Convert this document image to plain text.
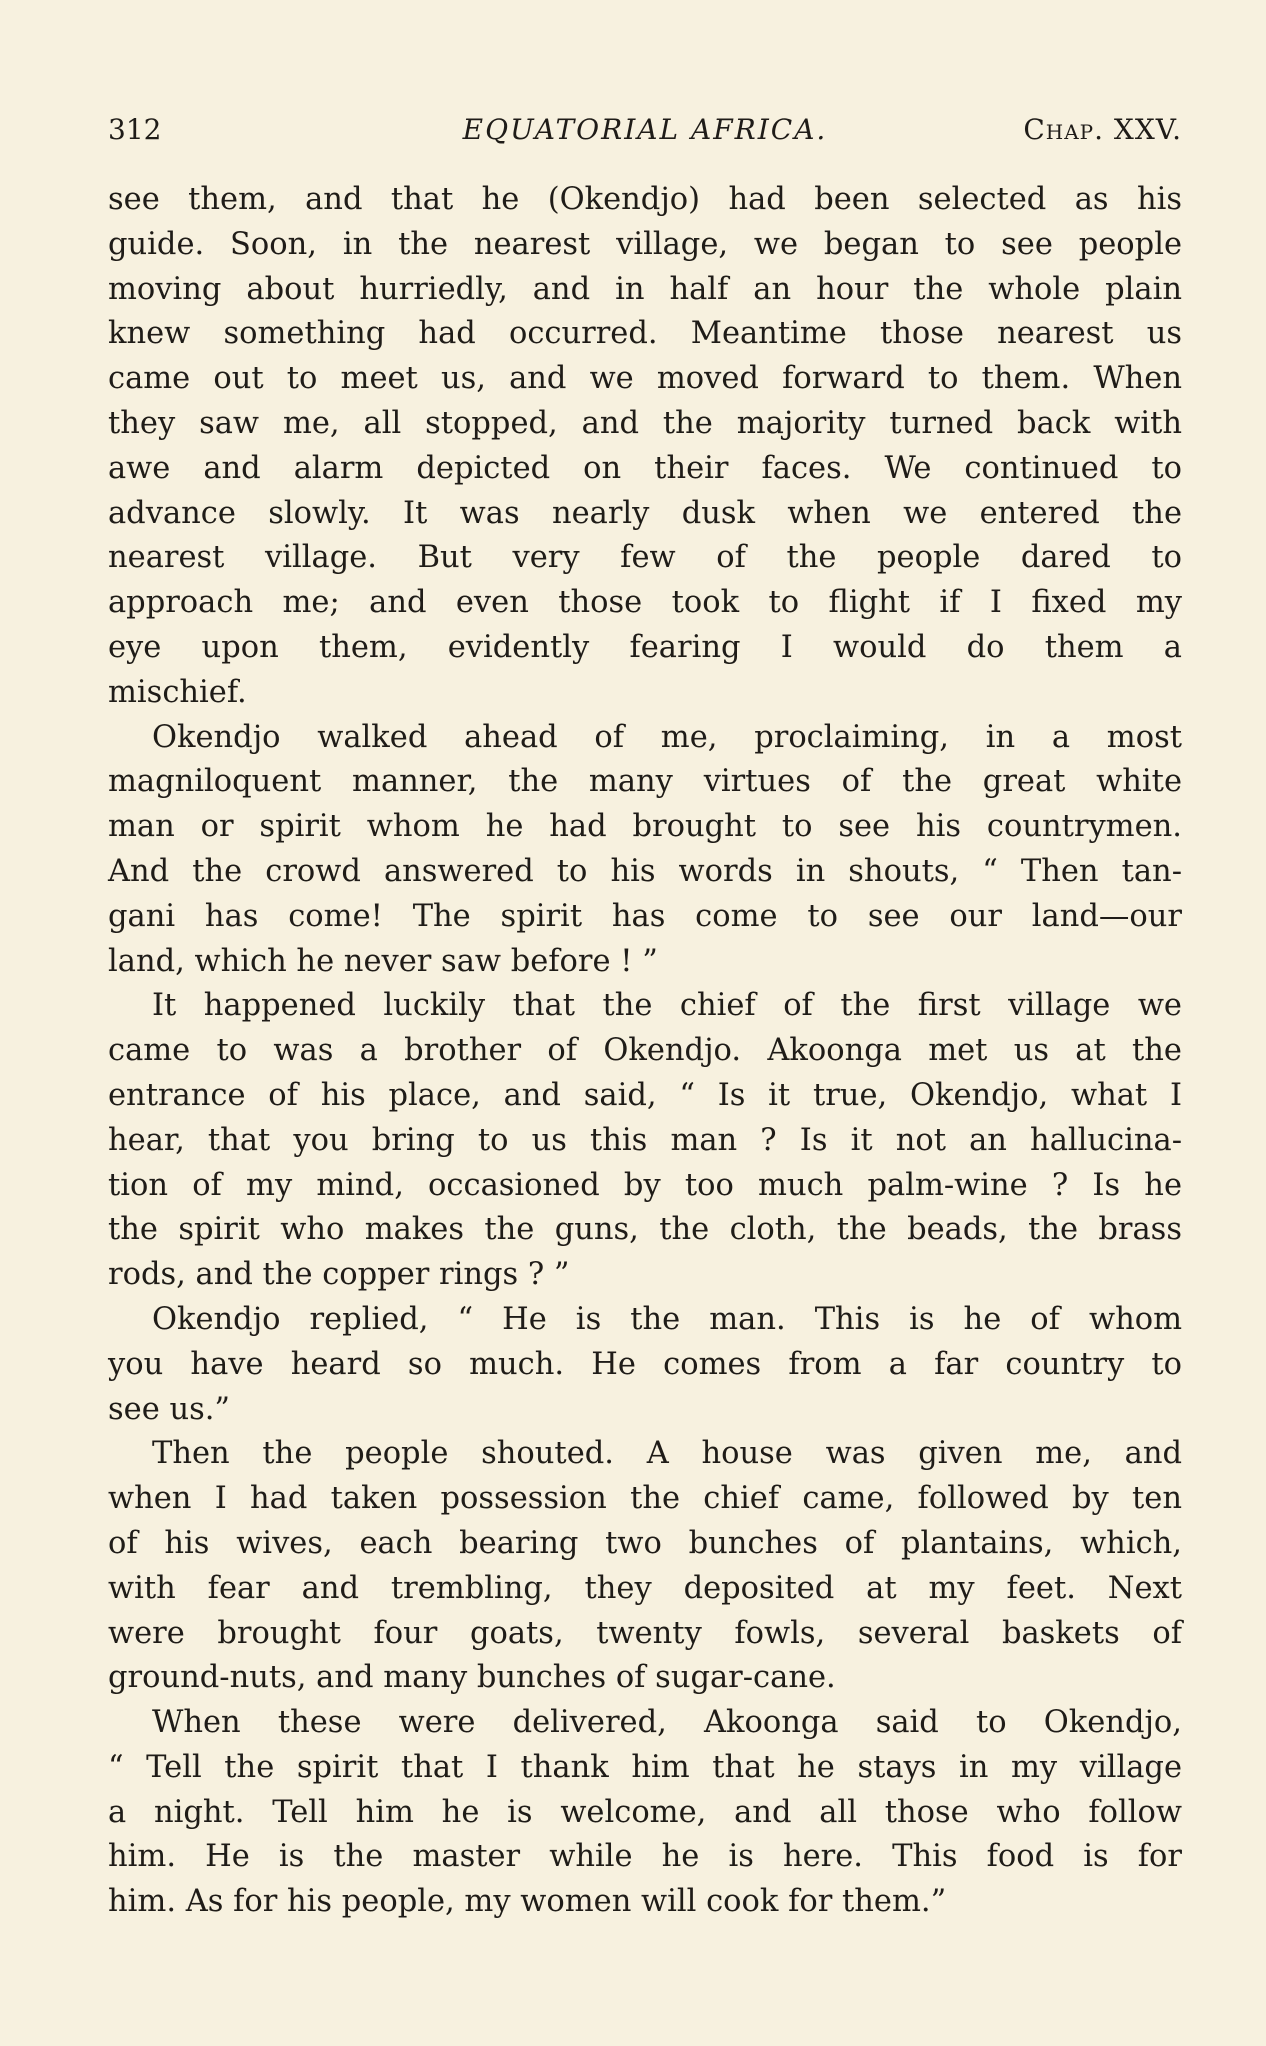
312	EQUATORIAL AFRICA.	Chap. XXV.
see them, and that he (Okendjo) had been selected as his
guide. Soon, in the nearest village, we began to see people
moving about hurriedly, and in half an hour the whole plain
knew something had occurred. Meantime those nearest us
came out to meet us, and we moved forward to them. When
they saw me, all stopped, and the majority turned back with
awe and alarm depicted on their faces. We continued to
advance slowly. It was nearly dusk when we entered the
nearest village. But very few of the people dared to
approach me; and even those took to flight if I fixed my
eye upon them, evidently fearing I would do them a
mischief.
Okendjo walked ahead of me, proclaiming, in a most
magniloquent manner, the many virtues of the great white
man or spirit whom he had brought to see his countrymen.
And the crowd answered to his words in shouts, “ Then tan-
gani has come! The spirit has come to see our land—our
land, which he never saw before ! ”
It happened luckily that the chief of the first village we
came to was a brother of Okendjo. Akoonga met us at the
entrance of his place, and said, “ Is it true, Okendjo, what I
hear, that you bring to us this man ? Is it not an hallucina-
tion of my mind, occasioned by too much palm-wine ? Is he
the spirit who makes the guns, the cloth, the beads, the brass
rods, and the copper rings ? ”
Okendjo replied, “ He is the man. This is he of whom
you have heard so much. He comes from a far country to
see us.”
Then the people shouted. A house was given me, and
when I had taken possession the chief came, followed by ten
of his wives, each bearing two bunches of plantains, which,
with fear and trembling, they deposited at my feet. Next
were brought four goats, twenty fowls, several baskets of
ground-nuts, and many bunches of sugar-cane.
When these were delivered, Akoonga said to Okendjo,
“ Tell the spirit that I thank him that he stays in my village
a night. Tell him he is welcome, and all those who follow
him. He is the master while he is here. This food is for
him. As for his people, my women will cook for them.”
